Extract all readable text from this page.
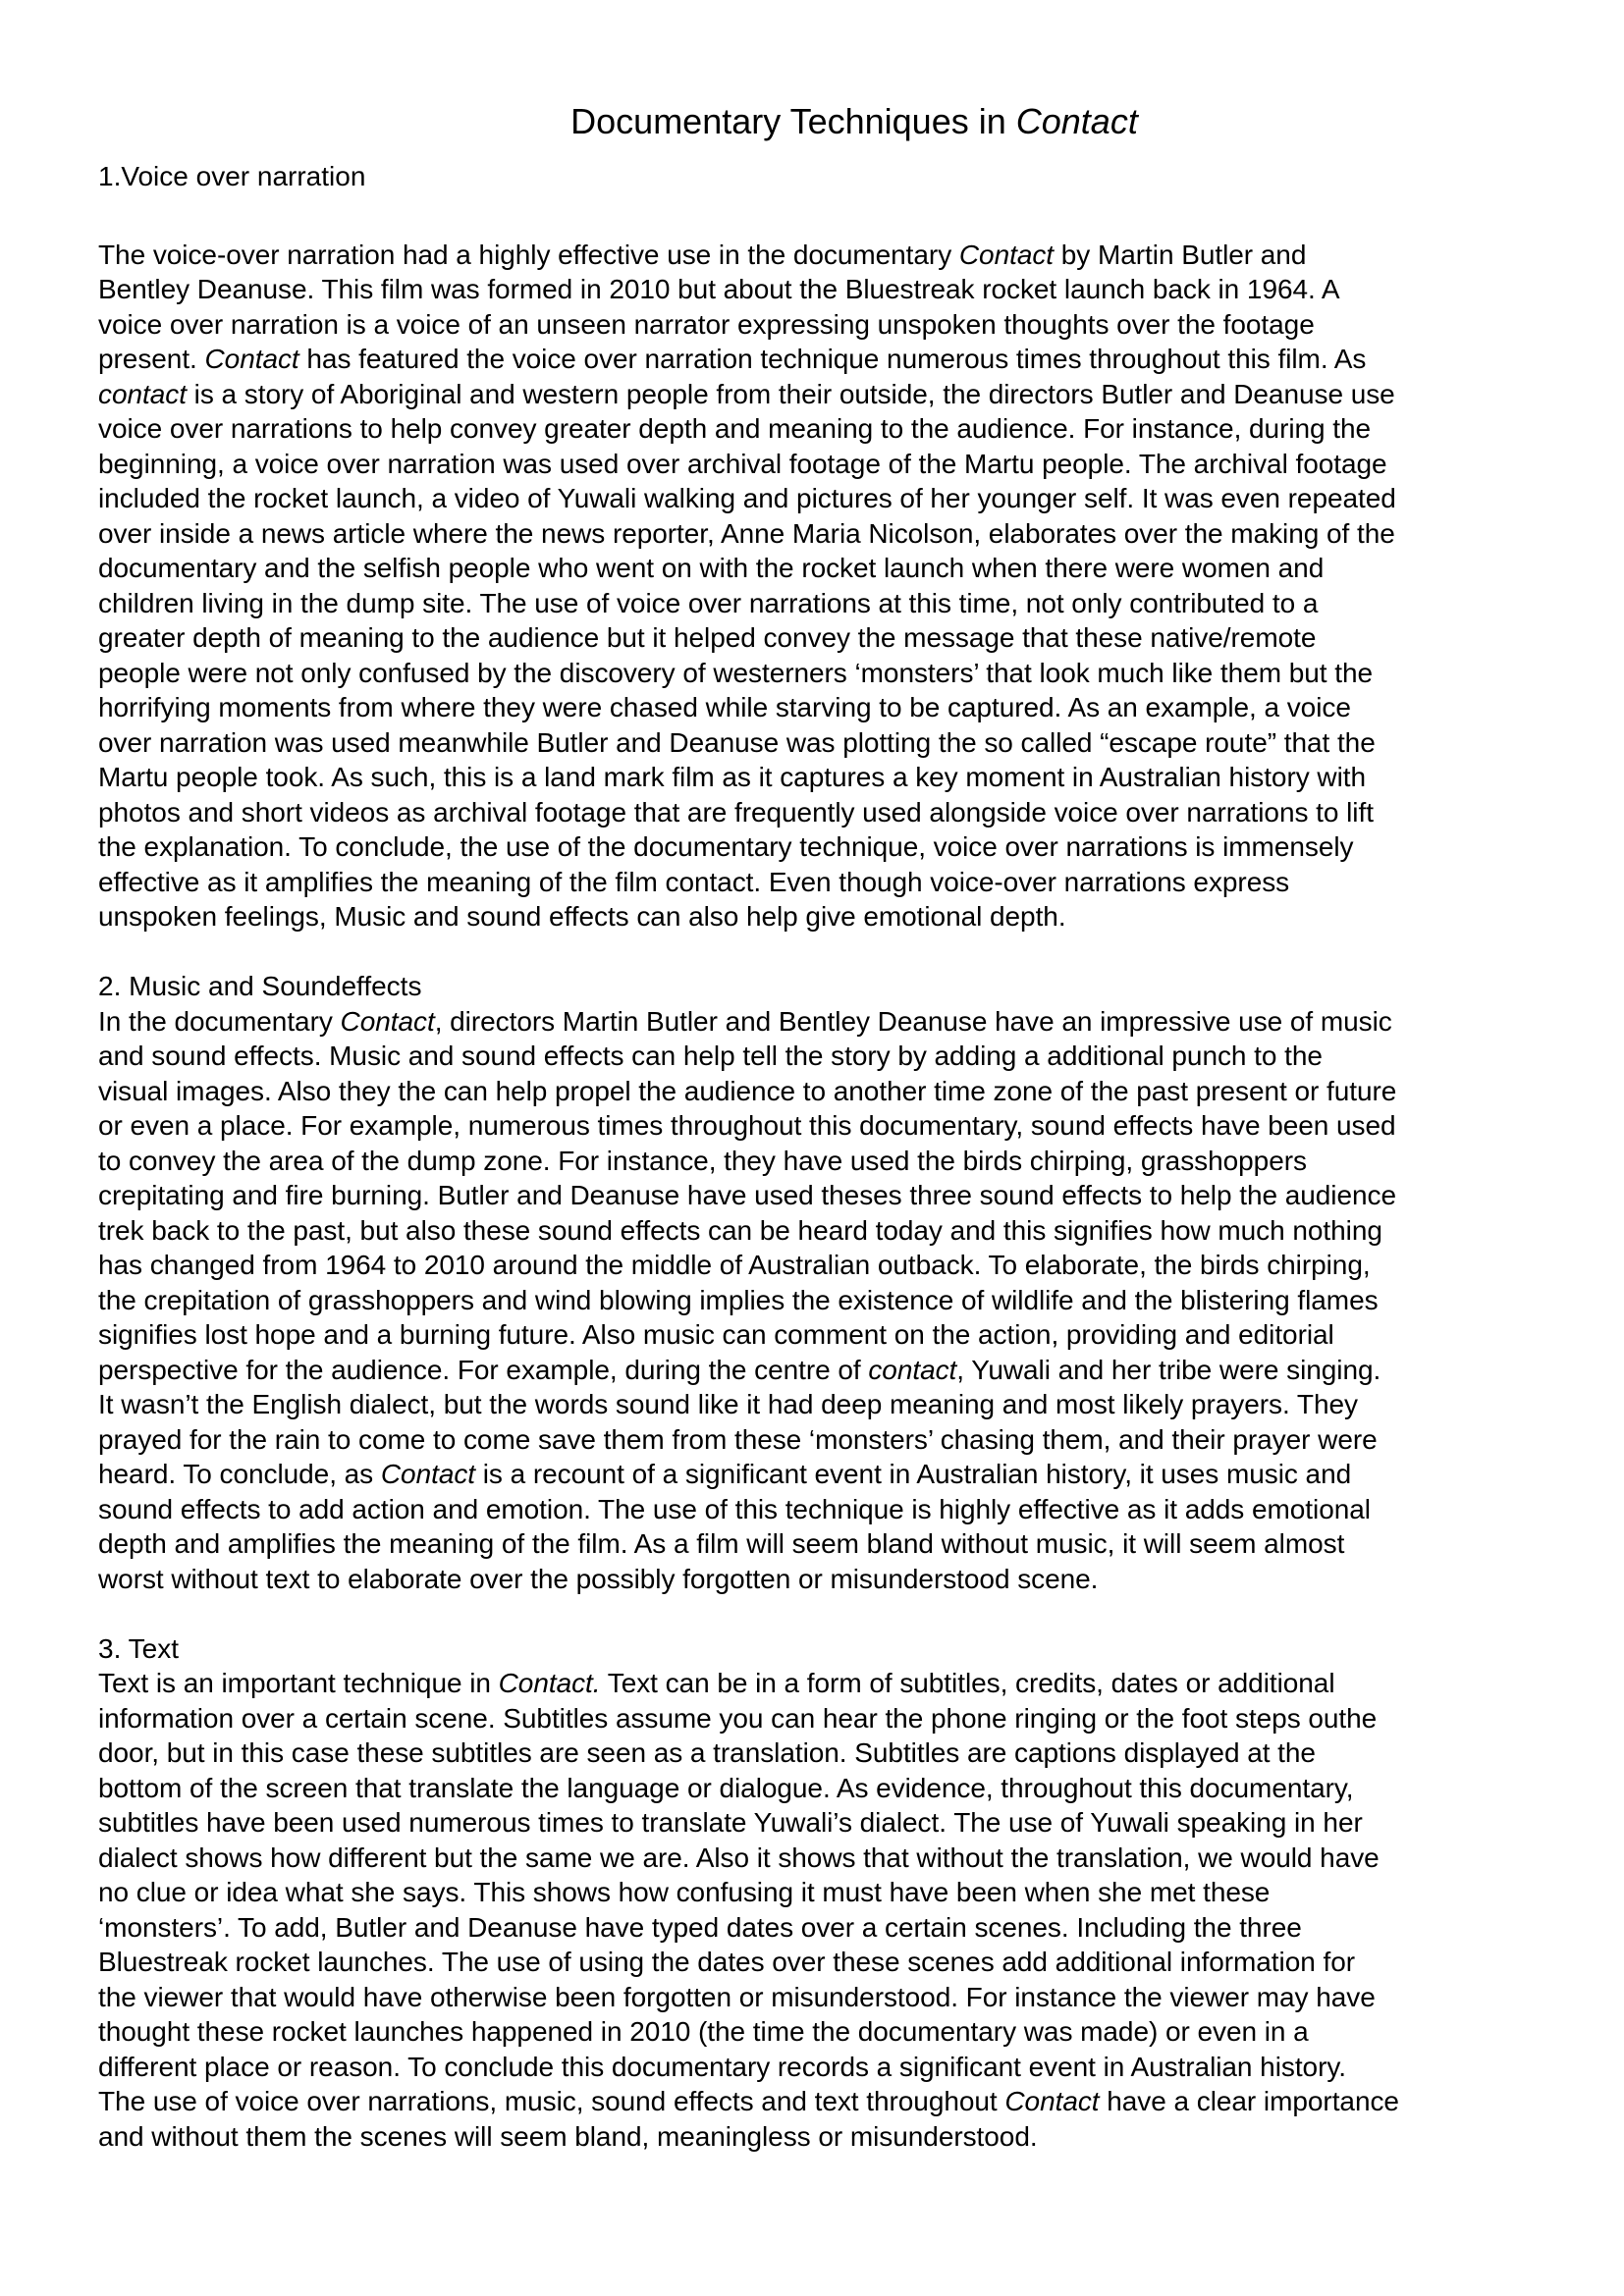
Documentary Techniques in Contact
1.Voice over narration

The voice-over narration had a highly effective use in the documentary Contact by Martin Butler and
Bentley Deanuse. This film was formed in 2010 but about the Bluestreak rocket launch back in 1964. A
voice over narration is a voice of an unseen narrator expressing unspoken thoughts over the footage
present. Contact has featured the voice over narration technique numerous times throughout this film. As
contact is a story of Aboriginal and western people from their outside, the directors Butler and Deanuse use
voice over narrations to help convey greater depth and meaning to the audience. For instance, during the
beginning, a voice over narration was used over archival footage of the Martu people. The archival footage
included the rocket launch, a video of Yuwali walking and pictures of her younger self. It was even repeated
over inside a news article where the news reporter, Anne Maria Nicolson, elaborates over the making of the
documentary and the selfish people who went on with the rocket launch when there were women and
children living in the dump site. The use of voice over narrations at this time, not only contributed to a
greater depth of meaning to the audience but it helped convey the message that these native/remote
people were not only confused by the discovery of westerners ‘monsters’ that look much like them but the
horrifying moments from where they were chased while starving to be captured. As an example, a voice
over narration was used meanwhile Butler and Deanuse was plotting the so called “escape route” that the
Martu people took. As such, this is a land mark film as it captures a key moment in Australian history with
photos and short videos as archival footage that are frequently used alongside voice over narrations to lift
the explanation. To conclude, the use of the documentary technique, voice over narrations is immensely
effective as it amplifies the meaning of the film contact. Even though voice-over narrations express
unspoken feelings, Music and sound effects can also help give emotional depth.

2. Music and Soundeffects

In the documentary Contact, directors Martin Butler and Bentley Deanuse have an impressive use of music
and sound effects. Music and sound effects can help tell the story by adding a additional punch to the
visual images. Also they the can help propel the audience to another time zone of the past present or future
or even a place. For example, numerous times throughout this documentary, sound effects have been used
to convey the area of the dump zone. For instance, they have used the birds chirping, grasshoppers
crepitating and fire burning. Butler and Deanuse have used theses three sound effects to help the audience
trek back to the past, but also these sound effects can be heard today and this signifies how much nothing
has changed from 1964 to 2010 around the middle of Australian outback. To elaborate, the birds chirping,
the crepitation of grasshoppers and wind blowing implies the existence of wildlife and the blistering flames
signifies lost hope and a burning future. Also music can comment on the action, providing and editorial
perspective for the audience. For example, during the centre of contact, Yuwali and her tribe were singing.
It wasn’t the English dialect, but the words sound like it had deep meaning and most likely prayers. They
prayed for the rain to come to come save them from these ‘monsters’ chasing them, and their prayer were
heard. To conclude, as Contact is a recount of a significant event in Australian history, it uses music and
sound effects to add action and emotion. The use of this technique is highly effective as it adds emotional
depth and amplifies the meaning of the film. As a film will seem bland without music, it will seem almost
worst without text to elaborate over the possibly forgotten or misunderstood scene.

3. Text

Text is an important technique in Contact. Text can be in a form of subtitles, credits, dates or additional
information over a certain scene. Subtitles assume you can hear the phone ringing or the foot steps outhe
door, but in this case these subtitles are seen as a translation. Subtitles are captions displayed at the
bottom of the screen that translate the language or dialogue. As evidence, throughout this documentary,
subtitles have been used numerous times to translate Yuwali’s dialect. The use of Yuwali speaking in her
dialect shows how different but the same we are. Also it shows that without the translation, we would have
no clue or idea what she says. This shows how confusing it must have been when she met these
‘monsters’. To add, Butler and Deanuse have typed dates over a certain scenes. Including the three
Bluestreak rocket launches. The use of using the dates over these scenes add additional information for
the viewer that would have otherwise been forgotten or misunderstood. For instance the viewer may have
thought these rocket launches happened in 2010 (the time the documentary was made) or even in a
different place or reason. To conclude this documentary records a significant event in Australian history.
The use of voice over narrations, music, sound effects and text throughout Contact have a clear importance
and without them the scenes will seem bland, meaningless or misunderstood.
